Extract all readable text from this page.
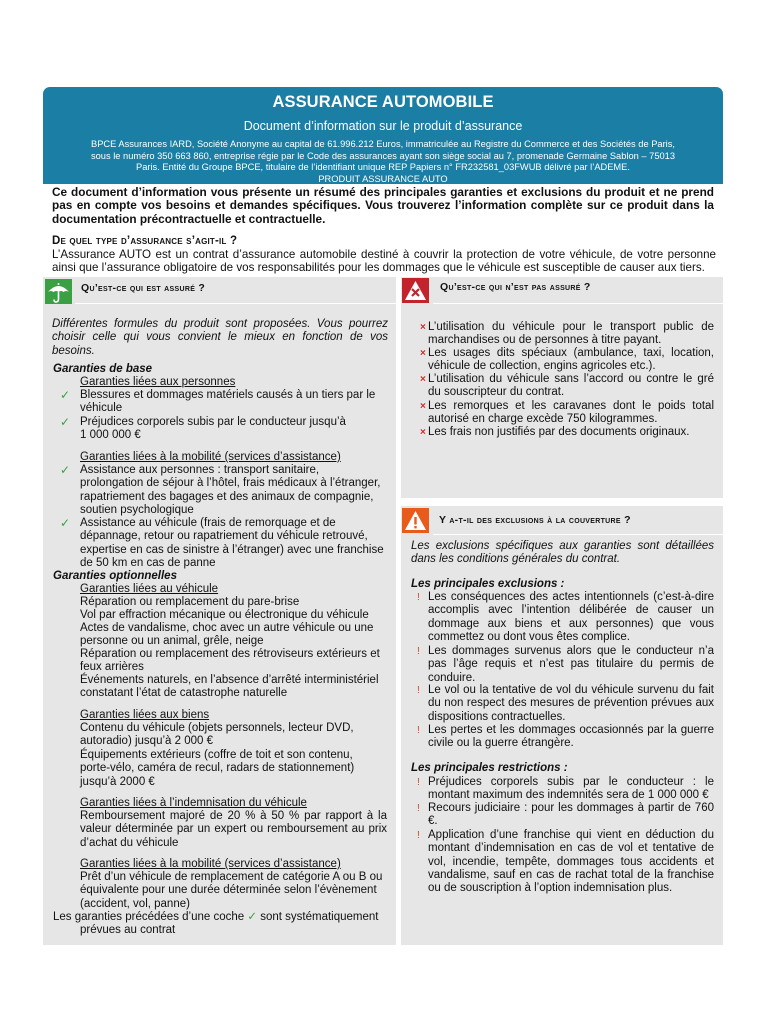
ASSURANCE AUTOMOBILE
Document d’information sur le produit d’assurance
BPCE Assurances IARD, Société Anonyme au capital de 61.996.212 Euros, immatriculée au Registre du Commerce et des Sociétés de Paris,
sous le numéro 350 663 860, entreprise régie par le Code des assurances ayant son siège social au 7, promenade Germaine Sablon – 75013
Paris. Entité du Groupe BPCE, titulaire de l’identifiant unique REP Papiers n° FR232581_03FWUB délivré par l’ADEME.
PRODUIT ASSURANCE AUTO
Ce document d’information vous présente un résumé des principales garanties et exclusions du produit et ne prend pas en compte vos besoins et demandes spécifiques. Vous trouverez l’information complète sur ce produit dans la documentation précontractuelle et contractuelle.
De quel type d’assurance s’agit-il ?
L’Assurance AUTO est un contrat d’assurance automobile destiné à couvrir la protection de votre véhicule, de votre personne ainsi que l’assurance obligatoire de vos responsabilités pour les dommages que le véhicule est susceptible de causer aux tiers.
Qu’est-ce qui est assuré ?
Différentes formules du produit sont proposées. Vous pourrez choisir celle qui vous convient le mieux en fonction de vos besoins.
Garanties de base
Garanties liées aux personnes
✓ Blessures et dommages matériels causés à un tiers par le véhicule
✓ Préjudices corporels subis par le conducteur jusqu’à
1 000 000 €
Garanties liées à la mobilité (services d’assistance)
✓ Assistance aux personnes : transport sanitaire, prolongation de séjour à l’hôtel, frais médicaux à l’étranger, rapatriement des bagages et des animaux de compagnie, soutien psychologique
✓ Assistance au véhicule (frais de remorquage et de dépannage, retour ou rapatriement du véhicule retrouvé, expertise en cas de sinistre à l’étranger) avec une franchise de 50 km en cas de panne
Garanties optionnelles
Garanties liées au véhicule
Réparation ou remplacement du pare-brise
Vol par effraction mécanique ou électronique du véhicule
Actes de vandalisme, choc avec un autre véhicule ou une personne ou un animal, grêle, neige
Réparation ou remplacement des rétroviseurs extérieurs et feux arrières
Événements naturels, en l’absence d’arrêté interministériel constatant l’état de catastrophe naturelle
Garanties liées aux biens
Contenu du véhicule (objets personnels, lecteur DVD, autoradio) jusqu’à 2 000 €
Équipements extérieurs (coffre de toit et son contenu, porte-vélo, caméra de recul, radars de stationnement) jusqu’à 2000 €
Garanties liées à l’indemnisation du véhicule
Remboursement majoré de 20 % à 50 % par rapport à la valeur déterminée par un expert ou remboursement au prix d’achat du véhicule
Garanties liées à la mobilité (services d’assistance)
Prêt d’un véhicule de remplacement de catégorie A ou B ou équivalente pour une durée déterminée selon l’évènement (accident, vol, panne)
Les garanties précédées d’une coche ✓ sont systématiquement
prévues au contrat
Qu’est-ce qui n’est pas assuré ?
× L’utilisation du véhicule pour le transport public de marchandises ou de personnes à titre payant.
× Les usages dits spéciaux (ambulance, taxi, location, véhicule de collection, engins agricoles etc.).
× L’utilisation du véhicule sans l’accord ou contre le gré du souscripteur du contrat.
× Les remorques et les caravanes dont le poids total autorisé en charge excède 750 kilogrammes.
× Les frais non justifiés par des documents originaux.
Y a-t-il des exclusions à la couverture ?
Les exclusions spécifiques aux garanties sont détaillées dans les conditions générales du contrat.
Les principales exclusions :
! Les conséquences des actes intentionnels (c’est-à-dire accomplis avec l’intention délibérée de causer un dommage aux biens et aux personnes) que vous commettez ou dont vous êtes complice.
! Les dommages survenus alors que le conducteur n’a pas l’âge requis et n’est pas titulaire du permis de conduire.
! Le vol ou la tentative de vol du véhicule survenu du fait du non respect des mesures de prévention prévues aux dispositions contractuelles.
! Les pertes et les dommages occasionnés par la guerre civile ou la guerre étrangère.
Les principales restrictions :
! Préjudices corporels subis par le conducteur : le montant maximum des indemnités sera de 1 000 000 €
! Recours judiciaire : pour les dommages à partir de 760 €.
! Application d’une franchise qui vient en déduction du montant d’indemnisation en cas de vol et tentative de vol, incendie, tempête, dommages tous accidents et vandalisme, sauf en cas de rachat total de la franchise ou de souscription à l’option indemnisation plus.
